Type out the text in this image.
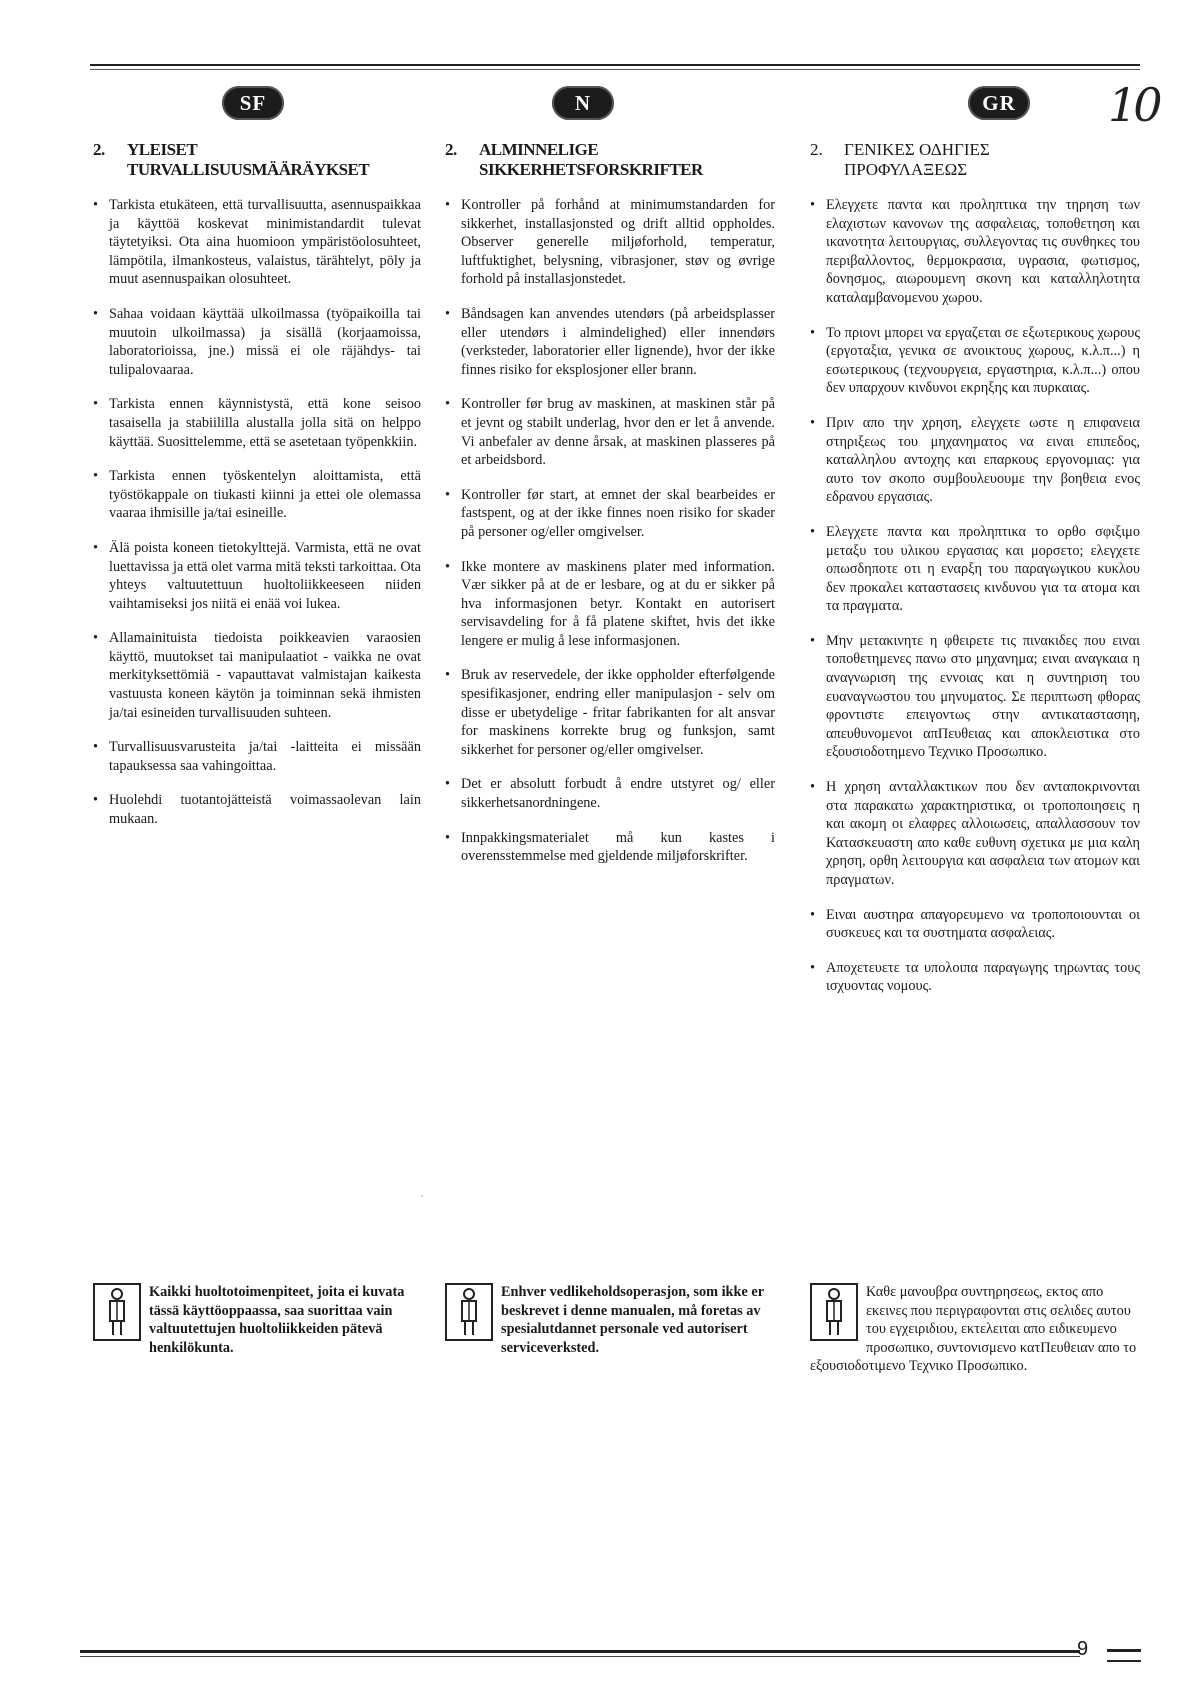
10
SF	N	GR
2.	YLEISET
TURVALLISUUSMÄÄRÄYKSET
• Tarkista etukäteen, että turvallisuutta, asennuspaikkaa ja käyttöä koskevat minimistandardit tulevat täytetyiksi. Ota aina huomioon ympäristöolosuhteet, lämpötila, ilmankosteus, valaistus, tärähtelyt, pöly ja muut asennuspaikan olosuhteet.
• Sahaa voidaan käyttää ulkoilmassa (työpaikoilla tai muutoin ulkoilmassa) ja sisällä (korjaamoissa, laboratorioissa, jne.) missä ei ole räjähdys- tai tulipalovaaraa.
• Tarkista ennen käynnistystä, että kone seisoo tasaisella ja stabiililla alustalla jolla sitä on helppo käyttää. Suosittelemme, että se asetetaan työpenkkiin.
• Tarkista ennen työskentelyn aloittamista, että työstökappale on tiukasti kiinni ja ettei ole olemassa vaaraa ihmisille ja/tai esineille.
• Älä poista koneen tietokylttejä. Varmista, että ne ovat luettavissa ja että olet varma mitä teksti tarkoittaa. Ota yhteys valtuutettuun huoltoliikkeeseen niiden vaihtamiseksi jos niitä ei enää voi lukea.
• Allamainituista tiedoista poikkeavien varaosien käyttö, muutokset tai manipulaatiot - vaikka ne ovat merkityksettömiä - vapauttavat valmistajan kaikesta vastuusta koneen käytön ja toiminnan sekä ihmisten ja/tai esineiden turvallisuuden suhteen.
• Turvallisuusvarusteita ja/tai -laitteita ei missään tapauksessa saa vahingoittaa.
• Huolehdi tuotantojätteistä voimassaolevan lain mukaan.
2.	ALMINNELIGE
SIKKERHETSFORSKRIFTER
• Kontroller på forhånd at minimumstandarden for sikkerhet, installasjonsted og drift alltid oppholdes. Observer generelle miljøforhold, temperatur, luftfuktighet, belysning, vibrasjoner, støv og øvrige forhold på installasjonstedet.
• Båndsagen kan anvendes utendørs (på arbeidsplasser eller utendørs i almindelighed) eller innendørs (verksteder, laboratorier eller lignende), hvor der ikke finnes risiko for eksplosjoner eller brann.
• Kontroller før brug av maskinen, at maskinen står på et jevnt og stabilt underlag, hvor den er let å anvende. Vi anbefaler av denne årsak, at maskinen plasseres på et arbeidsbord.
• Kontroller før start, at emnet der skal bearbeides er fastspent, og at der ikke finnes noen risiko for skader på personer og/eller omgivelser.
• Ikke montere av maskinens plater med information. Vær sikker på at de er lesbare, og at du er sikker på hva informasjonen betyr. Kontakt en autorisert servisavdeling for å få platene skiftet, hvis det ikke lengere er mulig å lese informasjonen.
• Bruk av reservedele, der ikke oppholder efterfølgende spesifikasjoner, endring eller manipulasjon - selv om disse er ubetydelige - fritar fabrikanten for alt ansvar for maskinens korrekte brug og funksjon, samt sikkerhet for personer og/eller omgivelser.
• Det er absolutt forbudt å endre utstyret og/ eller sikkerhetsanordningene.
• Innpakkingsmaterialet må kun kastes i overensstemmelse med gjeldende miljøforskrifter.
2.	ΓΕΝΙΚΕΣ ΟΔΗΓΙΕΣ
ΠΡΟΦΥΛΑΞΕΩΣ
• Ελεγχετε παντα και προληπτικα την τηρηση των ελαχιστων κανονων της ασφαλειας, τοποθετηση και ικανοτητα λειτουργιας, συλλεγοντας τις συνθηκες του περιβαλλοντος, θερμοκρασια, υγρασια, φωτισμος, δονησμος, αιωρουμενη σκονη και καταλληλοτητα καταλαμβανομενου χωρου.
• Το πριονι μπορει να εργαζεται σε εξωτερικους χωρους (εργοταξια, γενικα σε ανοικτους χωρους, κ.λ.π...) η εσωτερικους (τεχνουργεια, εργαστηρια, κ.λ.π...) οπου δεν υπαρχουν κινδυνοι εκρηξης και πυρκαιας.
• Πριν απο την χρηση, ελεγχετε ωστε η επιφανεια στηριξεως του μηχανηματος να ειναι επιπεδος, καταλληλου αντοχης και επαρκους εργονομιας: για αυτο τον σκοπο συμβουλευουμε την βοηθεια ενος εδρανου εργασιας.
• Ελεγχετε παντα και προληπτικα το ορθο σφιξιμο μεταξυ του υλικου εργασιας και μορσετο; ελεγχετε οπωσδηποτε οτι η εναρξη του παραγωγικου κυκλου δεν προκαλει καταστασεις κινδυνου για τα ατομα και τα πραγματα.
• Μην μετακινητε η φθειρετε τις πινακιδες που ειναι τοποθετημενες πανω στο μηχανημα; ειναι αναγκαια η αναγνωριση της εννοιας και η συντηριση του ευαναγνωστου του μηνυματος. Σε περιπτωση φθορας φροντιστε επειγοντως στην αντικαταστασηη, απευθυνομενοι απΠευθειας και αποκλειστικα στο εξουσιοδοτημενο Τεχνικο Προσωπικο.
• Η χρηση ανταλλακτικων που δεν ανταποκρινονται στα παρακατω χαρακτηριστικα, οι τροποποιησεις η και ακομη οι ελαφρες αλλοιωσεις, απαλλασσουν τον Κατασκευαστη απο καθε ευθυνη σχετικα με μια καλη χρηση, ορθη λειτουργια και ασφαλεια των ατομων και πραγματων.
• Ειναι αυστηρα απαγορευμενο να τροποποιουνται οι συσκευες και τα συστηματα ασφαλειας.
• Αποχετευετε τα υπολοιπα παραγωγης τηρωντας τους ισχυοντας νομους.
˙
Kaikki huoltotoimenpiteet, joita ei kuvata tässä käyttöoppaassa, saa suorittaa vain valtuutettujen huoltoliikkeiden pätevä henkilökunta.
Enhver vedlikeholdsoperasjon, som ikke er beskrevet i denne manualen, må foretas av spesialutdannet personale ved autorisert serviceverksted.
Καθε μανουβρα συντηρησεως, εκτος απο εκεινες που περιγραφονται στις σελιδες αυτου του εγχειριδιου, εκτελειται απο ειδικευμενο προσωπικο, συντονισμενο κατΠευθειαν απο το εξουσιοδοτιμενο Τεχνικο Προσωπικο.
9
